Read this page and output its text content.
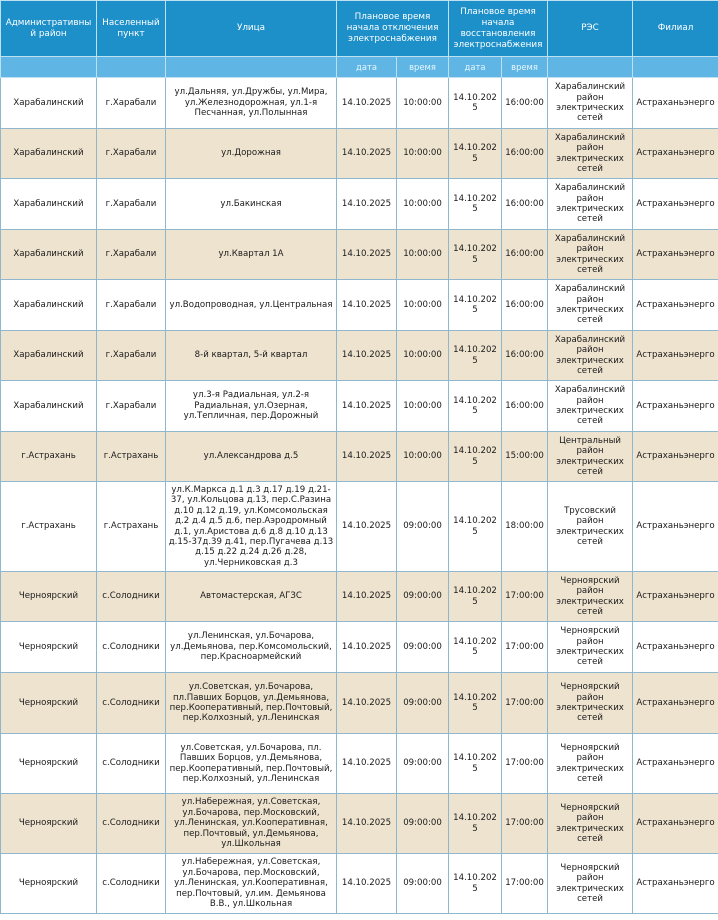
Административный район	Населенный пункт	Улица	Плановое время начала отключения электроснабжения		Плановое время начала восстановления электроснабжения		РЭС	Филиал
			дата	время	дата	время		
Харабалинский	г.Харабали	ул.Дальняя, ул.Дружбы, ул.Мира, ул.Железнодорожная, ул.1-я Песчанная, ул.Полынная	14.10.2025	10:00:00	14.10.2025	16:00:00	Харабалинский район электрических сетей	Астраханьэнерго
Харабалинский	г.Харабали	ул.Дорожная	14.10.2025	10:00:00	14.10.2025	16:00:00	Харабалинский район электрических сетей	Астраханьэнерго
Харабалинский	г.Харабали	ул.Бакинская	14.10.2025	10:00:00	14.10.2025	16:00:00	Харабалинский район электрических сетей	Астраханьэнерго
Харабалинский	г.Харабали	ул.Квартал 1А	14.10.2025	10:00:00	14.10.2025	16:00:00	Харабалинский район электрических сетей	Астраханьэнерго
Харабалинский	г.Харабали	ул.Водопроводная, ул.Центральная	14.10.2025	10:00:00	14.10.2025	16:00:00	Харабалинский район электрических сетей	Астраханьэнерго
Харабалинский	г.Харабали	8-й квартал, 5-й квартал	14.10.2025	10:00:00	14.10.2025	16:00:00	Харабалинский район электрических сетей	Астраханьэнерго
Харабалинский	г.Харабали	ул.3-я Радиальная, ул.2-я Радиальная, ул.Озерная, ул.Тепличная, пер.Дорожный	14.10.2025	10:00:00	14.10.2025	16:00:00	Харабалинский район электрических сетей	Астраханьэнерго
г.Астрахань	г.Астрахань	ул.Александрова д.5	14.10.2025	10:00:00	14.10.2025	15:00:00	Центральный район электрических сетей	Астраханьэнерго
г.Астрахань	г.Астрахань	ул.К.Маркса д.1 д.3 д.17 д.19 д.21-37, ул.Кольцова д.13, пер.С.Разина д.10 д.12 д.19, ул.Комсомольская д.2 д.4 д.5 д.6, пер.Аэродромный д.1, ул.Аристова д.6 д.8 д.10 д.13 д.15-37д.39 д.41, пер.Пугачева д.13 д.15 д.22 д.24 д.26 д.28, ул.Черниковская д.3	14.10.2025	09:00:00	14.10.2025	18:00:00	Трусовский район электрических сетей	Астраханьэнерго
Черноярский	с.Солодники	Автомастерская, АГЗС	14.10.2025	09:00:00	14.10.2025	17:00:00	Черноярский район электрических сетей	Астраханьэнерго
Черноярский	с.Солодники	ул.Ленинская, ул.Бочарова, ул.Демьянова, пер.Комсомольский, пер.Красноармейский	14.10.2025	09:00:00	14.10.2025	17:00:00	Черноярский район электрических сетей	Астраханьэнерго
Черноярский	с.Солодники	ул.Советская, ул.Бочарова, пл.Павших Борцов, ул.Демьянова, пер.Кооперативный, пер.Почтовый, пер.Колхозный, ул.Ленинская	14.10.2025	09:00:00	14.10.2025	17:00:00	Черноярский район электрических сетей	Астраханьэнерго
Черноярский	с.Солодники	ул.Советская, ул.Бочарова, пл. Павших Борцов, ул.Демьянова, пер.Кооперативный, пер.Почтовый, пер.Колхозный, ул.Ленинская	14.10.2025	09:00:00	14.10.2025	17:00:00	Черноярский район электрических сетей	Астраханьэнерго
Черноярский	с.Солодники	ул.Набережная, ул.Советская, ул.Бочарова, пер.Московский, ул.Ленинская, ул.Кооперативная, пер.Почтовый, ул.Демьянова, ул.Школьная	14.10.2025	09:00:00	14.10.2025	17:00:00	Черноярский район электрических сетей	Астраханьэнерго
Черноярский	с.Солодники	ул.Набережная, ул.Советская, ул.Бочарова, пер.Московский, ул.Ленинская, ул.Кооперативная, пер.Почтовый, ул.им. Демьянова В.В., ул.Школьная	14.10.2025	09:00:00	14.10.2025	17:00:00	Черноярский район электрических сетей	Астраханьэнерго
